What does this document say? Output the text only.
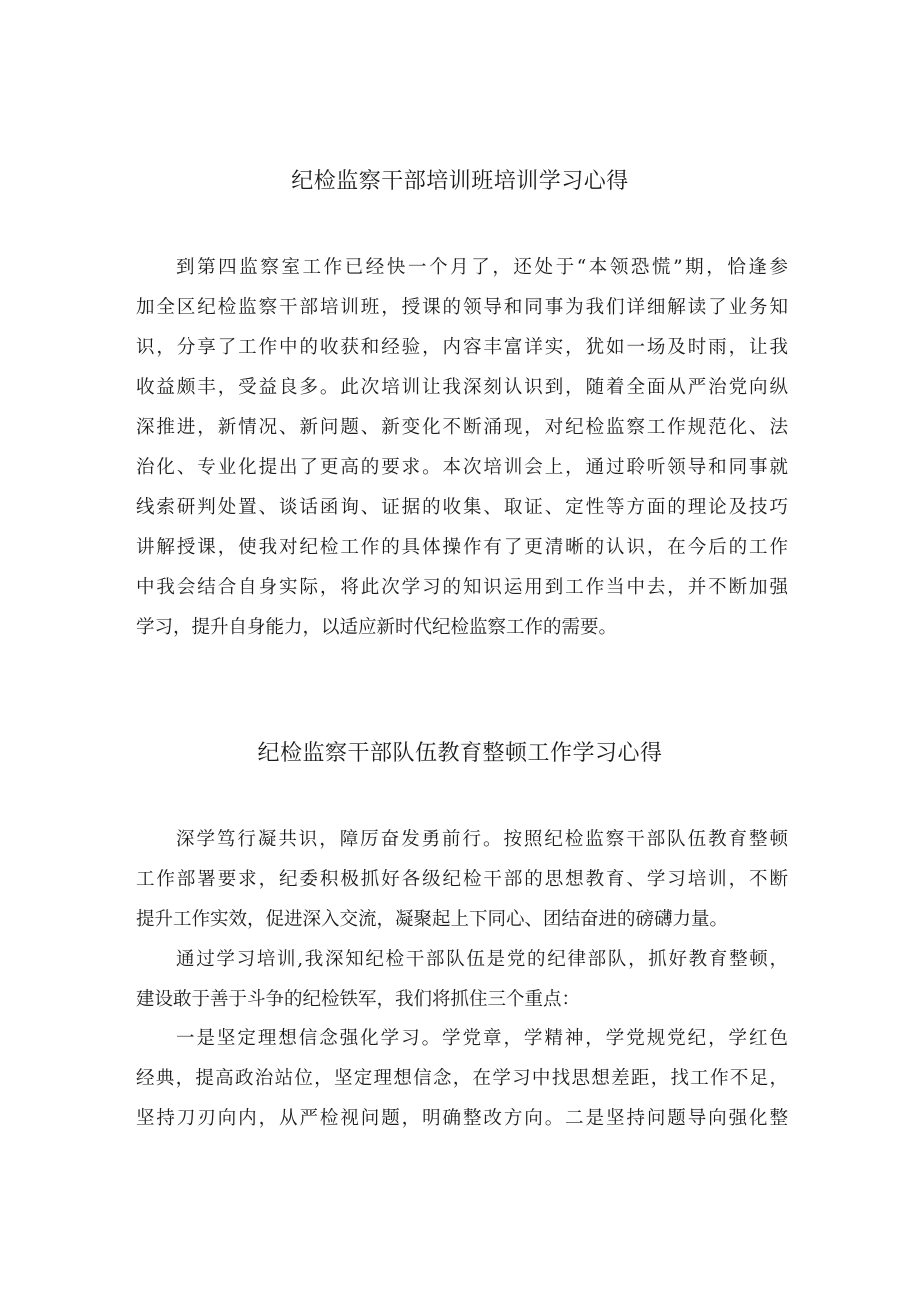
纪检监察干部培训班培训学习心得
到第四监察室工作已经快一个月了，还处于“本领恐慌”期，恰逢参
加全区纪检监察干部培训班，授课的领导和同事为我们详细解读了业务知
识，分享了工作中的收获和经验，内容丰富详实，犹如一场及时雨，让我
收益颇丰，受益良多。此次培训让我深刻认识到，随着全面从严治党向纵
深推进，新情况、新问题、新变化不断涌现，对纪检监察工作规范化、法
治化、专业化提出了更高的要求。本次培训会上，通过聆听领导和同事就
线索研判处置、谈话函询、证据的收集、取证、定性等方面的理论及技巧
讲解授课，使我对纪检工作的具体操作有了更清晰的认识，在今后的工作
中我会结合自身实际，将此次学习的知识运用到工作当中去，并不断加强
学习，提升自身能力，以适应新时代纪检监察工作的需要。
纪检监察干部队伍教育整顿工作学习心得
深学笃行凝共识，障厉奋发勇前行。按照纪检监察干部队伍教育整顿
工作部署要求，纪委积极抓好各级纪检干部的思想教育、学习培训，不断
提升工作实效，促进深入交流，凝聚起上下同心、团结奋进的磅礴力量。
通过学习培训,我深知纪检干部队伍是党的纪律部队，抓好教育整顿，
建设敢于善于斗争的纪检铁军，我们将抓住三个重点：
一是坚定理想信念强化学习。学党章，学精神，学党规党纪，学红色
经典，提高政治站位，坚定理想信念，在学习中找思想差距，找工作不足，
坚持刀刃向内，从严检视问题，明确整改方向。二是坚持问题导向强化整
